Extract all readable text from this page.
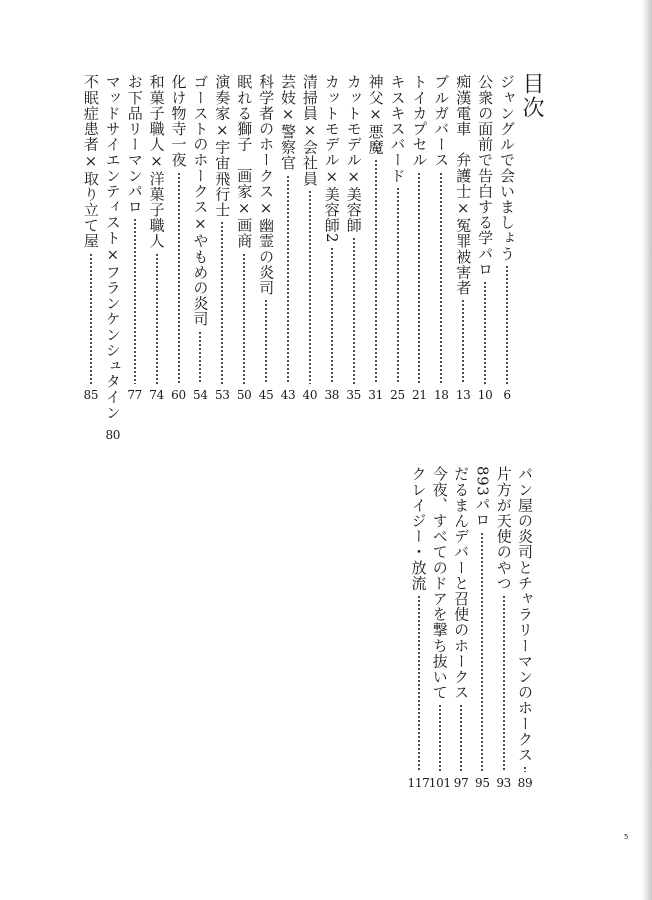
目次
ジャングルで会いましょう
6
公衆の面前で告白する学パロ
10
痴漢電車　弁護士×冤罪被害者
13
ブルガバース
18
トイカプセル
21
キスキスバード
25
神父×悪魔
31
カットモデル×美容師
35
カットモデル×美容師2
38
清掃員×会社員
40
芸妓×警察官
43
科学者のホークス×幽霊の炎司
45
眠れる獅子　画家×画商
50
演奏家×宇宙飛行士
53
ゴーストのホークス×やもめの炎司
54
化け物寺一夜
60
和菓子職人×洋菓子職人
74
お下品リーマンパロ
77
マッドサイエンティスト×フランケンシュタイン
80
不眠症患者×取り立て屋
85
パン屋の炎司とチャラリーマンのホークス
89
片方が天使のやつ
93
893パロ
95
だるまんデバーと召使のホークス
97
今夜、すべてのドアを撃ち抜いて
101
クレイジー・放流
117
5
